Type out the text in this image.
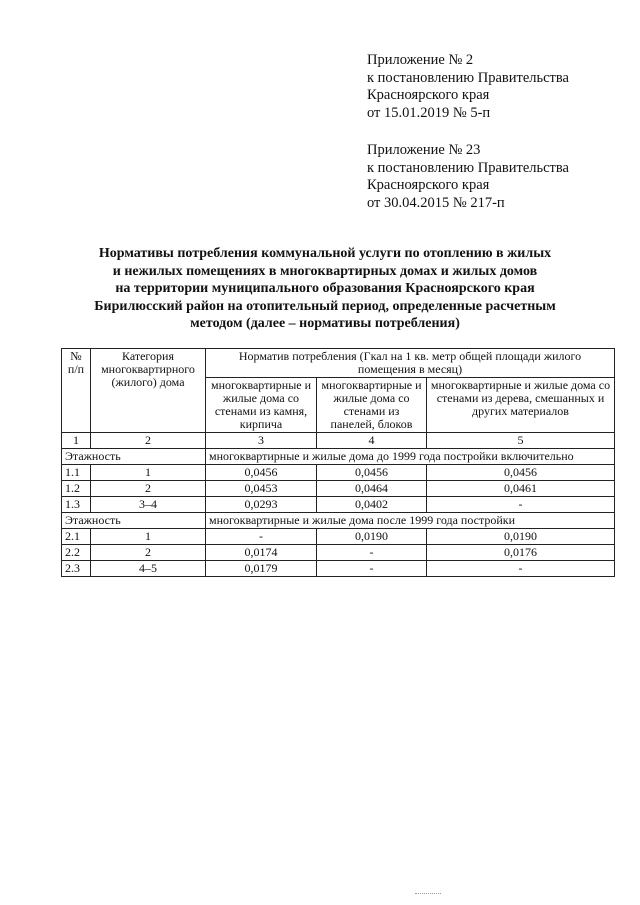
Приложение № 2
к постановлению Правительства
Красноярского края
от 15.01.2019 № 5-п
Приложение № 23
к постановлению Правительства
Красноярского края
от 30.04.2015 № 217-п
Нормативы потребления коммунальной услуги по отоплению в жилых
и нежилых помещениях в многоквартирных домах и жилых домов
на территории муниципального образования Красноярского края
Бирилюсский район на отопительный период, определенные расчетным
методом (далее – нормативы потребления)
№ п/п	Категория многоквартирного (жилого) дома	Норматив потребления (Гкал на 1 кв. метр общей площади жилого помещения в месяц)		
		многоквартирные и жилые дома со стенами из камня, кирпича	многоквартирные и жилые дома со стенами из панелей, блоков	многоквартирные и жилые дома со стенами из дерева, смешанных и других материалов
1	2	3	4	5
Этажность		многоквартирные и жилые дома до 1999 года постройки включительно		
1.1	1	0,0456	0,0456	0,0456
1.2	2	0,0453	0,0464	0,0461
1.3	3–4	0,0293	0,0402	-
Этажность		многоквартирные и жилые дома после 1999 года постройки		
2.1	1	-	0,0190	0,0190
2.2	2	0,0174	-	0,0176
2.3	4–5	0,0179	-	-
